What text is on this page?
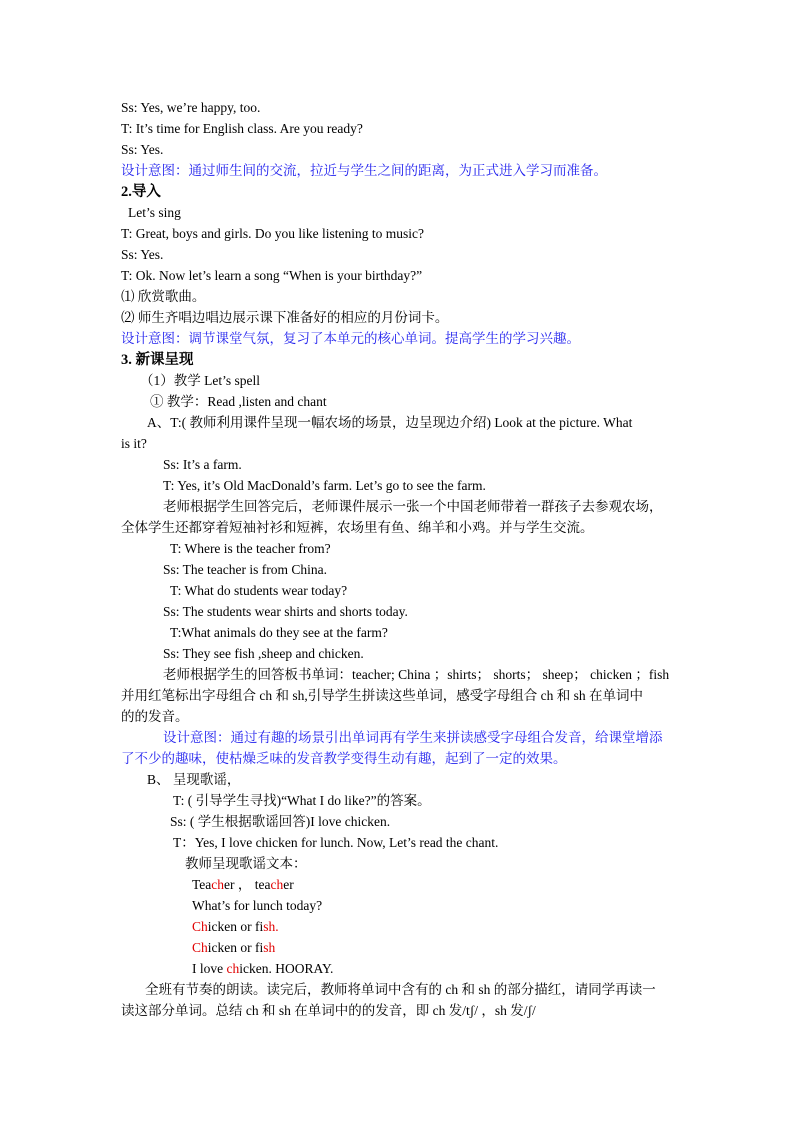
Ss: Yes, we’re happy, too.
T: It’s time for English class. Are you ready?
Ss: Yes.
设计意图：通过师生间的交流，拉近与学生之间的距离，为正式进入学习而准备。
2.导入
Let’s sing
T: Great, boys and girls. Do you like listening to music?
Ss: Yes.
T: Ok. Now let’s learn a song “When is your birthday?”
⑴ 欣赏歌曲。
⑵ 师生齐唱边唱边展示课下准备好的相应的月份词卡。
设计意图：调节课堂气氛，复习了本单元的核心单词。提高学生的学习兴趣。
3. 新课呈现
（1）教学 Let’s spell
① 教学：Read ,listen and chant
A、T:( 教师利用课件呈现一幅农场的场景，边呈现边介绍) Look at the picture. What
is it?
Ss: It’s a farm.
T: Yes, it’s Old MacDonald’s farm. Let’s go to see the farm.
老师根据学生回答完后，老师课件展示一张一个中国老师带着一群孩子去参观农场，
全体学生还都穿着短袖衬衫和短裤，农场里有鱼、绵羊和小鸡。并与学生交流。
T: Where is the teacher from?
Ss: The teacher is from China.
T: What do students wear today?
Ss: The students wear shirts and shorts today.
T:What animals do they see at the farm?
Ss: They see fish ,sheep and chicken.
老师根据学生的回答板书单词：teacher; China ；shirts； shorts； sheep； chicken ；fish
并用红笔标出字母组合 ch 和 sh,引导学生拼读这些单词，感受字母组合 ch 和 sh 在单词中
的的发音。
设计意图：通过有趣的场景引出单词再有学生来拼读感受字母组合发音，给课堂增添
了不少的趣味，使枯燥乏味的发音教学变得生动有趣，起到了一定的效果。
B、 呈现歌谣，
T: ( 引导学生寻找)“What I do like?”的答案。
Ss: ( 学生根据歌谣回答)I love chicken.
T：Yes, I love chicken for lunch. Now, Let’s read the chant.
教师呈现歌谣文本：
Teacher ， teacher
What’s for lunch today?
Chicken or fish.
Chicken or fish
I love chicken. HOORAY.
全班有节奏的朗读。读完后，教师将单词中含有的 ch 和 sh 的部分描红，请同学再读一
读这部分单词。总结 ch 和 sh 在单词中的的发音，即 ch 发/tʃ/ ，sh 发/ʃ/
